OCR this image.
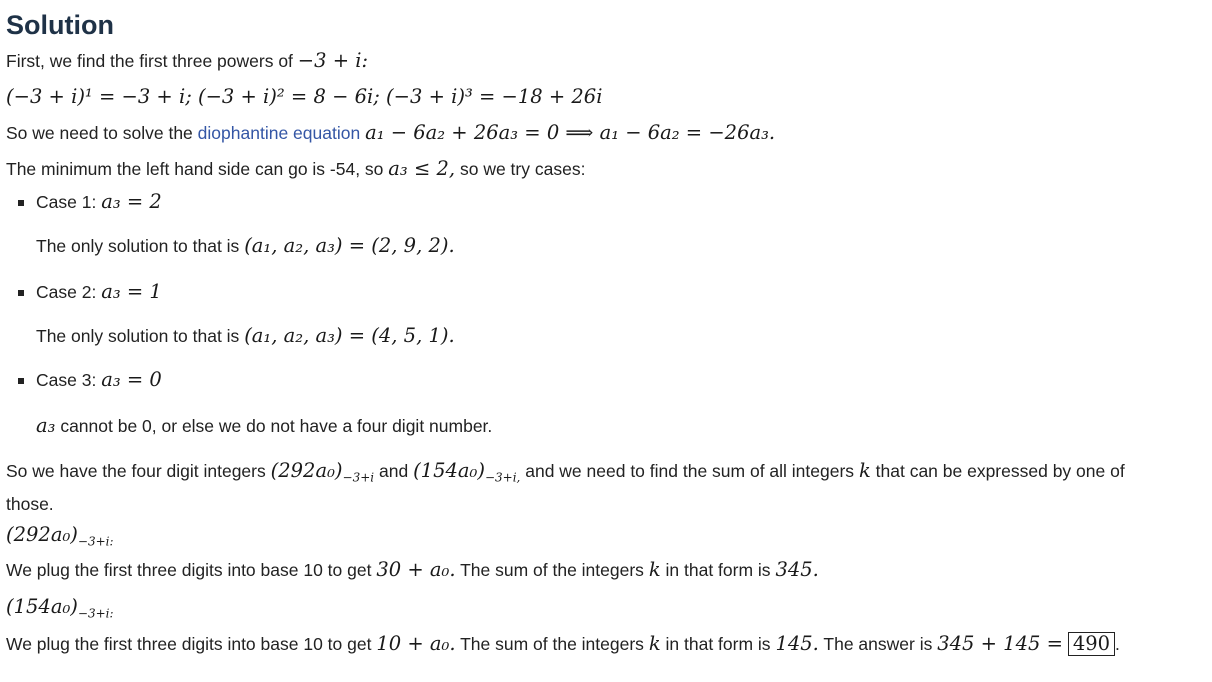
Solution

First, we find the first three powers of −3 + i:

(−3 + i)¹ = −3 + i; (−3 + i)² = 8 − 6i; (−3 + i)³ = −18 + 26i

So we need to solve the diophantine equation a₁ − 6a₂ + 26a₃ = 0 ⟹ a₁ − 6a₂ = −26a₃.

The minimum the left hand side can go is -54, so a₃ ≤ 2, so we try cases:

Case 1: a₃ = 2
The only solution to that is (a₁, a₂, a₃) = (2, 9, 2).
Case 2: a₃ = 1
The only solution to that is (a₁, a₂, a₃) = (4, 5, 1).
Case 3: a₃ = 0
a₃ cannot be 0, or else we do not have a four digit number.

So we have the four digit integers $(292a_0)_{-3+i}$ and $(154a_0)_{-3+i,}$ and we need to find the sum of all integers k that can be expressed by one of
those.

$(292a_0)_{-3+i:}$

We plug the first three digits into base 10 to get 30 + a₀. The sum of the integers k in that form is 345.

$(154a_0)_{-3+i:}$

We plug the first three digits into base 10 to get 10 + a₀. The sum of the integers k in that form is 145. The answer is 345 + 145 = 490 .
